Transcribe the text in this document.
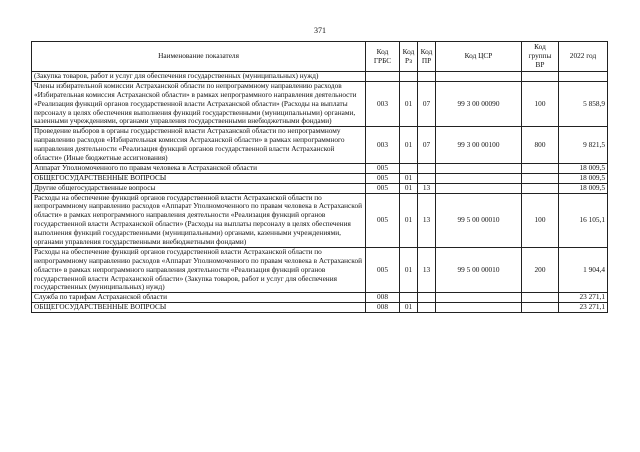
371
Наименование показателя	Код ГРБС	Код Рз	Код ПР	Код ЦСР	Код группы ВР	2022 год
(Закупка товаров, работ и услуг для обеспечения государственных (муниципальных) нужд)						
Члены избирательной комиссии Астраханской области по непрограммному направлению расходов «Избирательная комиссия Астраханской области» в рамках непрограммного направления деятельности «Реализация функций органов государственной власти Астраханской области» (Расходы на выплаты персоналу в целях обеспечения выполнения функций государственными (муниципальными) органами, казенными учреждениями, органами управления государственными внебюджетными фондами)	003	01	07	99 3 00 00090	100	5 858,9
Проведение выборов в органы государственной власти Астраханской области по непрограммному направлению расходов «Избирательная комиссия Астраханской области» в рамках непрограммного направления деятельности «Реализация функций органов государственной власти Астраханской области» (Иные бюджетные ассигнования)	003	01	07	99 3 00 00100	800	9 821,5
Аппарат Уполномоченного по правам человека в Астраханской области	005					18 009,5
ОБЩЕГОСУДАРСТВЕННЫЕ ВОПРОСЫ	005	01				18 009,5
Другие общегосударственные вопросы	005	01	13			18 009,5
Расходы на обеспечение функций органов государственной власти Астраханской области по непрограммному направлению расходов «Аппарат Уполномоченного по правам человека в Астраханской области» в рамках непрограммного направления деятельности «Реализация функций органов государственной власти Астраханской области» (Расходы на выплаты персоналу в целях обеспечения выполнения функций государственными (муниципальными) органами, казенными учреждениями, органами управления государственными внебюджетными фондами)	005	01	13	99 5 00 00010	100	16 105,1
Расходы на обеспечение функций органов государственной власти Астраханской области по непрограммному направлению расходов «Аппарат Уполномоченного по правам человека в Астраханской области» в рамках непрограммного направления деятельности «Реализация функций органов государственной власти Астраханской области» (Закупка товаров, работ и услуг для обеспечения государственных (муниципальных) нужд)	005	01	13	99 5 00 00010	200	1 904,4
Служба по тарифам Астраханской области	008					23 271,1
ОБЩЕГОСУДАРСТВЕННЫЕ ВОПРОСЫ	008	01				23 271,1
